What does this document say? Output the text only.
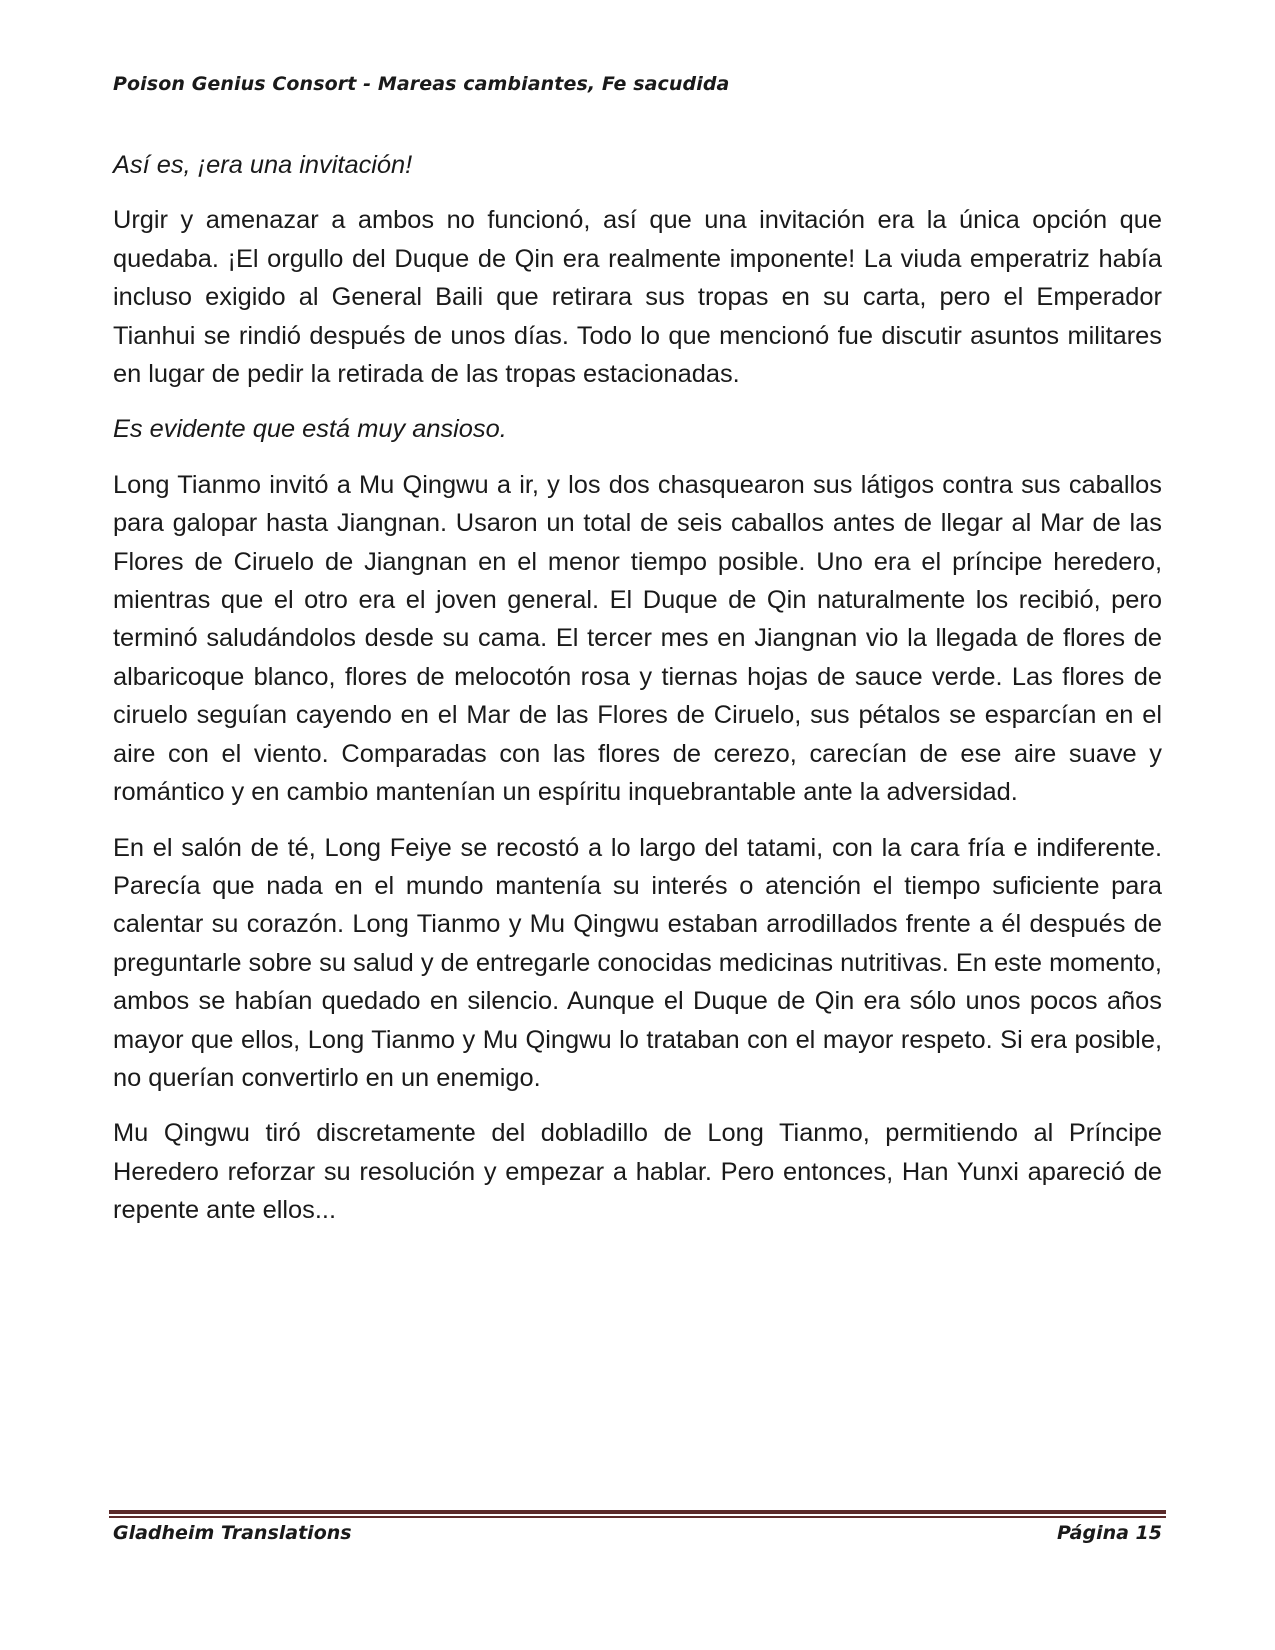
Poison Genius Consort - Mareas cambiantes, Fe sacudida

Así es, ¡era una invitación!

Urgir y amenazar a ambos no funcionó, así que una invitación era la única opción que quedaba. ¡El orgullo del Duque de Qin era realmente imponente! La viuda emperatriz había incluso exigido al General Baili que retirara sus tropas en su carta, pero el Emperador Tianhui se rindió después de unos días. Todo lo que mencionó fue discutir asuntos militares en lugar de pedir la retirada de las tropas estacionadas.

Es evidente que está muy ansioso.

Long Tianmo invitó a Mu Qingwu a ir, y los dos chasquearon sus látigos contra sus caballos para galopar hasta Jiangnan. Usaron un total de seis caballos antes de llegar al Mar de las Flores de Ciruelo de Jiangnan en el menor tiempo posible. Uno era el príncipe heredero, mientras que el otro era el joven general. El Duque de Qin naturalmente los recibió, pero terminó saludándolos desde su cama. El tercer mes en Jiangnan vio la llegada de flores de albaricoque blanco, flores de melocotón rosa y tiernas hojas de sauce verde. Las flores de ciruelo seguían cayendo en el Mar de las Flores de Ciruelo, sus pétalos se esparcían en el aire con el viento. Comparadas con las flores de cerezo, carecían de ese aire suave y romántico y en cambio mantenían un espíritu inquebrantable ante la adversidad.

En el salón de té, Long Feiye se recostó a lo largo del tatami, con la cara fría e indiferente. Parecía que nada en el mundo mantenía su interés o atención el tiempo suficiente para calentar su corazón. Long Tianmo y Mu Qingwu estaban arrodillados frente a él después de preguntarle sobre su salud y de entregarle conocidas medicinas nutritivas. En este momento, ambos se habían quedado en silencio. Aunque el Duque de Qin era sólo unos pocos años mayor que ellos, Long Tianmo y Mu Qingwu lo trataban con el mayor respeto. Si era posible, no querían convertirlo en un enemigo.

Mu Qingwu tiró discretamente del dobladillo de Long Tianmo, permitiendo al Príncipe Heredero reforzar su resolución y empezar a hablar. Pero entonces, Han Yunxi apareció de repente ante ellos...

Gladheim Translations	Página 15
